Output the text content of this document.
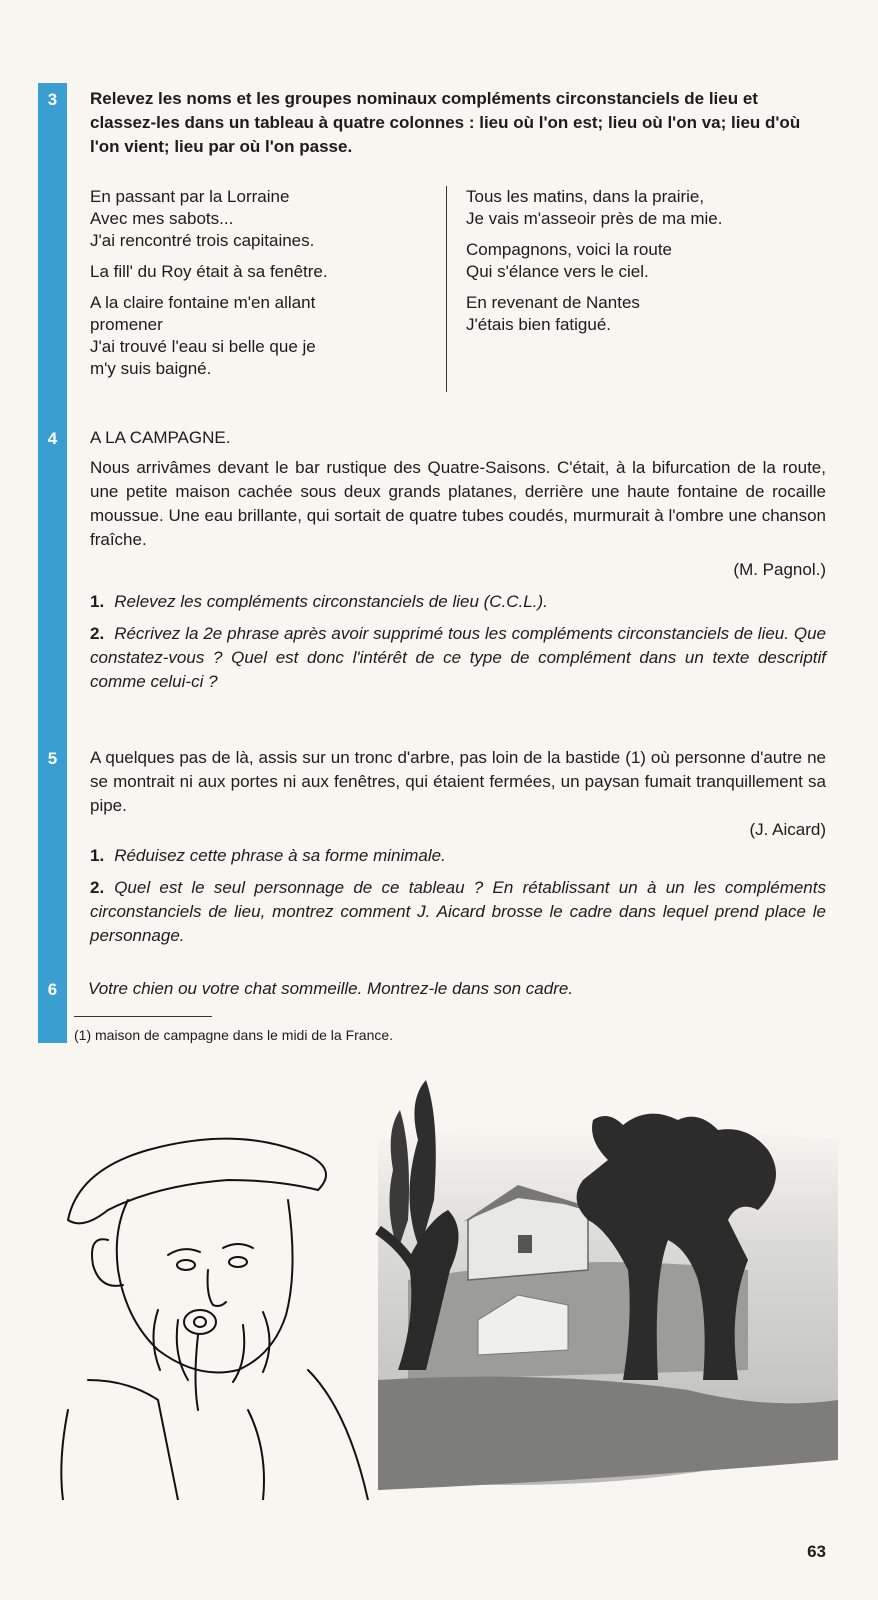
3	Relevez les noms et les groupes nominaux compléments circonstanciels de lieu et classez-les dans un tableau à quatre colonnes : lieu où l'on est; lieu où l'on va; lieu d'où l'on vient; lieu par où l'on passe.
En passant par la Lorraine
Avec mes sabots...
J'ai rencontré trois capitaines.
La fill' du Roy était à sa fenêtre.
A la claire fontaine m'en allant
promener
J'ai trouvé l'eau si belle que je
m'y suis baigné.
Tous les matins, dans la prairie,
Je vais m'asseoir près de ma mie.
Compagnons, voici la route
Qui s'élance vers le ciel.
En revenant de Nantes
J'étais bien fatigué.
4	A LA CAMPAGNE.
Nous arrivâmes devant le bar rustique des Quatre-Saisons. C'était, à la bifurcation de la route, une petite maison cachée sous deux grands platanes, derrière une haute fontaine de rocaille moussue. Une eau brillante, qui sortait de quatre tubes coudés, murmurait à l'ombre une chanson fraîche.
(M. Pagnol.)
1. Relevez les compléments circonstanciels de lieu (C.C.L.).
2. Récrivez la 2e phrase après avoir supprimé tous les compléments circonstanciels de lieu. Que constatez-vous ? Quel est donc l'intérêt de ce type de complément dans un texte descriptif comme celui-ci ?
5	A quelques pas de là, assis sur un tronc d'arbre, pas loin de la bastide (1) où personne d'autre ne se montrait ni aux portes ni aux fenêtres, qui étaient fermées, un paysan fumait tranquillement sa pipe.
(J. Aicard)
1. Réduisez cette phrase à sa forme minimale.
2. Quel est le seul personnage de ce tableau ? En rétablissant un à un les compléments circonstanciels de lieu, montrez comment J. Aicard brosse le cadre dans lequel prend place le personnage.
6	Votre chien ou votre chat sommeille. Montrez-le dans son cadre.
(1) maison de campagne dans le midi de la France.
63
